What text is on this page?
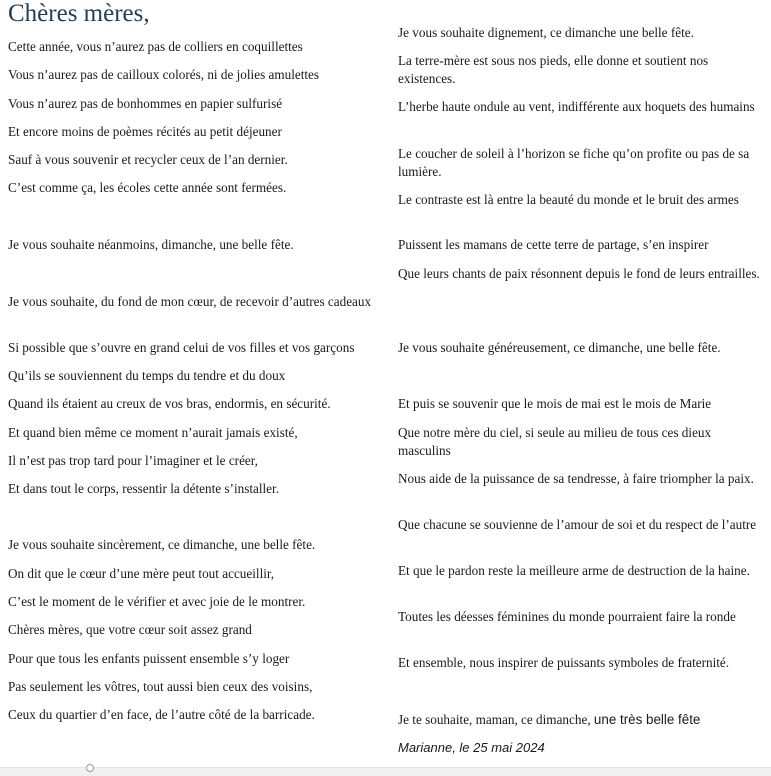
Chères mères,

Cette année, vous n’aurez pas de colliers en coquillettes

Vous n’aurez pas de cailloux colorés, ni de jolies amulettes

Vous n’aurez pas de bonhommes en papier sulfurisé

Et encore moins de poèmes récités au petit déjeuner

Sauf à vous souvenir et recycler ceux de l’an dernier.

C’est comme ça, les écoles cette année sont fermées.

Je vous souhaite néanmoins, dimanche, une belle fête.

Je vous souhaite, du fond de mon cœur, de recevoir d’autres cadeaux

Si possible que s’ouvre en grand celui de vos filles et vos garçons

Qu’ils se souviennent du temps du tendre et du doux

Quand ils étaient au creux de vos bras, endormis, en sécurité.

Et quand bien même ce moment n’aurait jamais existé,

Il n’est pas trop tard pour l’imaginer et le créer,

Et dans tout le corps, ressentir la détente s’installer.

Je vous souhaite sincèrement, ce dimanche, une belle fête.

On dit que le cœur d’une mère peut tout accueillir,

C’est le moment de le vérifier et avec joie de le montrer.

Chères mères, que votre cœur soit assez grand

Pour que tous les enfants puissent ensemble s’y loger

Pas seulement les vôtres, tout aussi bien ceux des voisins,

Ceux du quartier d’en face, de l’autre côté de la barricade.

Je vous souhaite dignement, ce dimanche une belle fête.

La terre-mère est sous nos pieds, elle donne et soutient nos existences.

L’herbe haute ondule au vent, indifférente aux hoquets des humains

Le coucher de soleil à l’horizon se fiche qu’on profite ou pas de sa lumière.

Le contraste est là entre la beauté du monde et le bruit des armes

Puissent les mamans de cette terre de partage, s’en inspirer

Que leurs chants de paix résonnent depuis le fond de leurs entrailles.

Je vous souhaite généreusement, ce dimanche, une belle fête.

Et puis se souvenir que le mois de mai est le mois de Marie

Que notre mère du ciel, si seule au milieu de tous ces dieux masculins

Nous aide de la puissance de sa tendresse, à faire triompher la paix.

Que chacune se souvienne de l’amour de soi et du respect de l’autre

Et que le pardon reste la meilleure arme de destruction de la haine.

Toutes les déesses féminines du monde pourraient faire la ronde

Et ensemble, nous inspirer de puissants symboles de fraternité.

Je te souhaite, maman, ce dimanche, une très belle fête

Marianne, le 25 mai 2024
